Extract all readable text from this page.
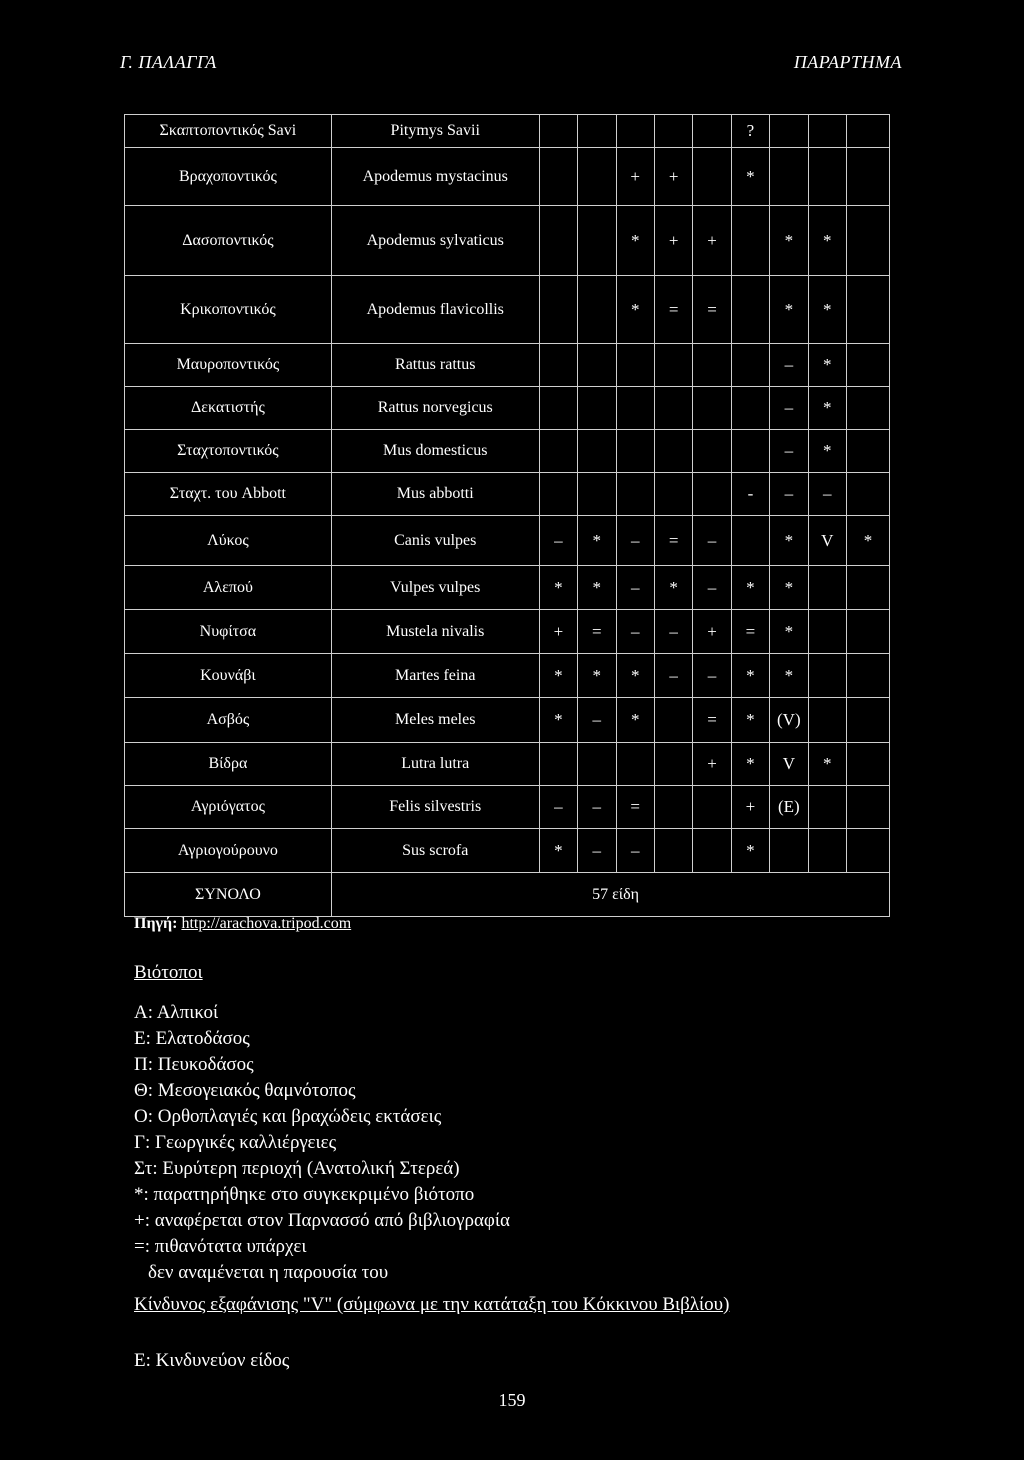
Γ. ΠΑΛΑΓΓΑ	ΠΑΡΑΡΤΗΜΑ
Σκαπτοποντικός Savi	Pitymys Savii						?			
Βραχοποντικός	Apodemus mystacinus			+	+		*			
Δασοποντικός	Apodemus sylvaticus			*	+	+		*	*	
Κρικοποντικός	Apodemus flavicollis			*	=	=		*	*	
Μαυροποντικός	Rattus rattus							–	*	
Δεκατιστής	Rattus norvegicus							–	*	
Σταχτοποντικός	Mus domesticus							–	*	
Σταχτ. του Abbott	Mus abbotti						-	–	–	
Λύκος	Canis vulpes	–	*	–	=	–		*	V	*
Αλεπού	Vulpes vulpes	*	*	–	*	–	*	*		
Νυφίτσα	Mustela nivalis	+	=	–	–	+	=	*		
Κουνάβι	Martes feina	*	*	*	–	–	*	*		
Ασβός	Meles meles	*	–	*		=	*	(V)		
Βίδρα	Lutra lutra					+	*	V	*	
Αγριόγατος	Felis silvestris	–	–	=			+	(E)		
Αγριογούρουνο	Sus scrofa	*	–	–			*			
ΣΥΝΟΛΟ	57 είδη									
Πηγή: http://arachova.tripod.com
Βιότοποι
Α: Αλπικοί
Ε: Ελατοδάσος
Π: Πευκοδάσος
Θ: Μεσογειακός θαμνότοπος
Ο: Ορθοπλαγιές και βραχώδεις εκτάσεις
Γ: Γεωργικές καλλιέργειες
Στ: Ευρύτερη περιοχή (Ανατολική Στερεά)
*: παρατηρήθηκε στο συγκεκριμένο βιότοπο
+: αναφέρεται στον Παρνασσό από βιβλιογραφία
=: πιθανότατα υπάρχει
δεν αναμένεται η παρουσία του
Κίνδυνος εξαφάνισης "V" (σύμφωνα με την κατάταξη του Κόκκινου Βιβλίου)
Ε: Κινδυνεύον είδος
159
